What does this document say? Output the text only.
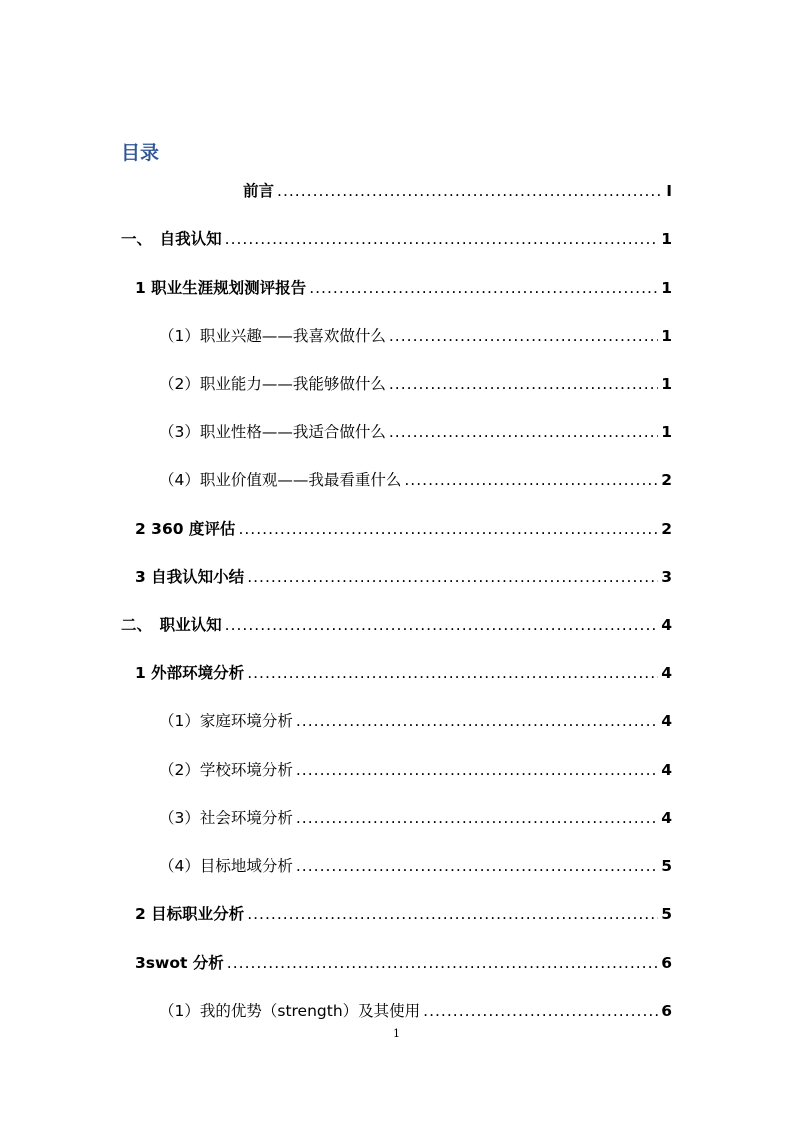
目录
前言 .....	I
一、 自我认知 .....	1
1 职业生涯规划测评报告 .....	1
（1）职业兴趣——我喜欢做什么 .....	1
（2）职业能力——我能够做什么 .....	1
（3）职业性格——我适合做什么 .....	1
（4）职业价值观——我最看重什么 .....	2
2 360 度评估 .....	2
3 自我认知小结 .....	3
二、 职业认知 .....	4
1 外部环境分析 .....	4
（1）家庭环境分析 .....	4
（2）学校环境分析 .....	4
（3）社会环境分析 .....	4
（4）目标地域分析 .....	5
2 目标职业分析 .....	5
3swot 分析 .....	6
（1）我的优势（strength）及其使用 .....	6
1
